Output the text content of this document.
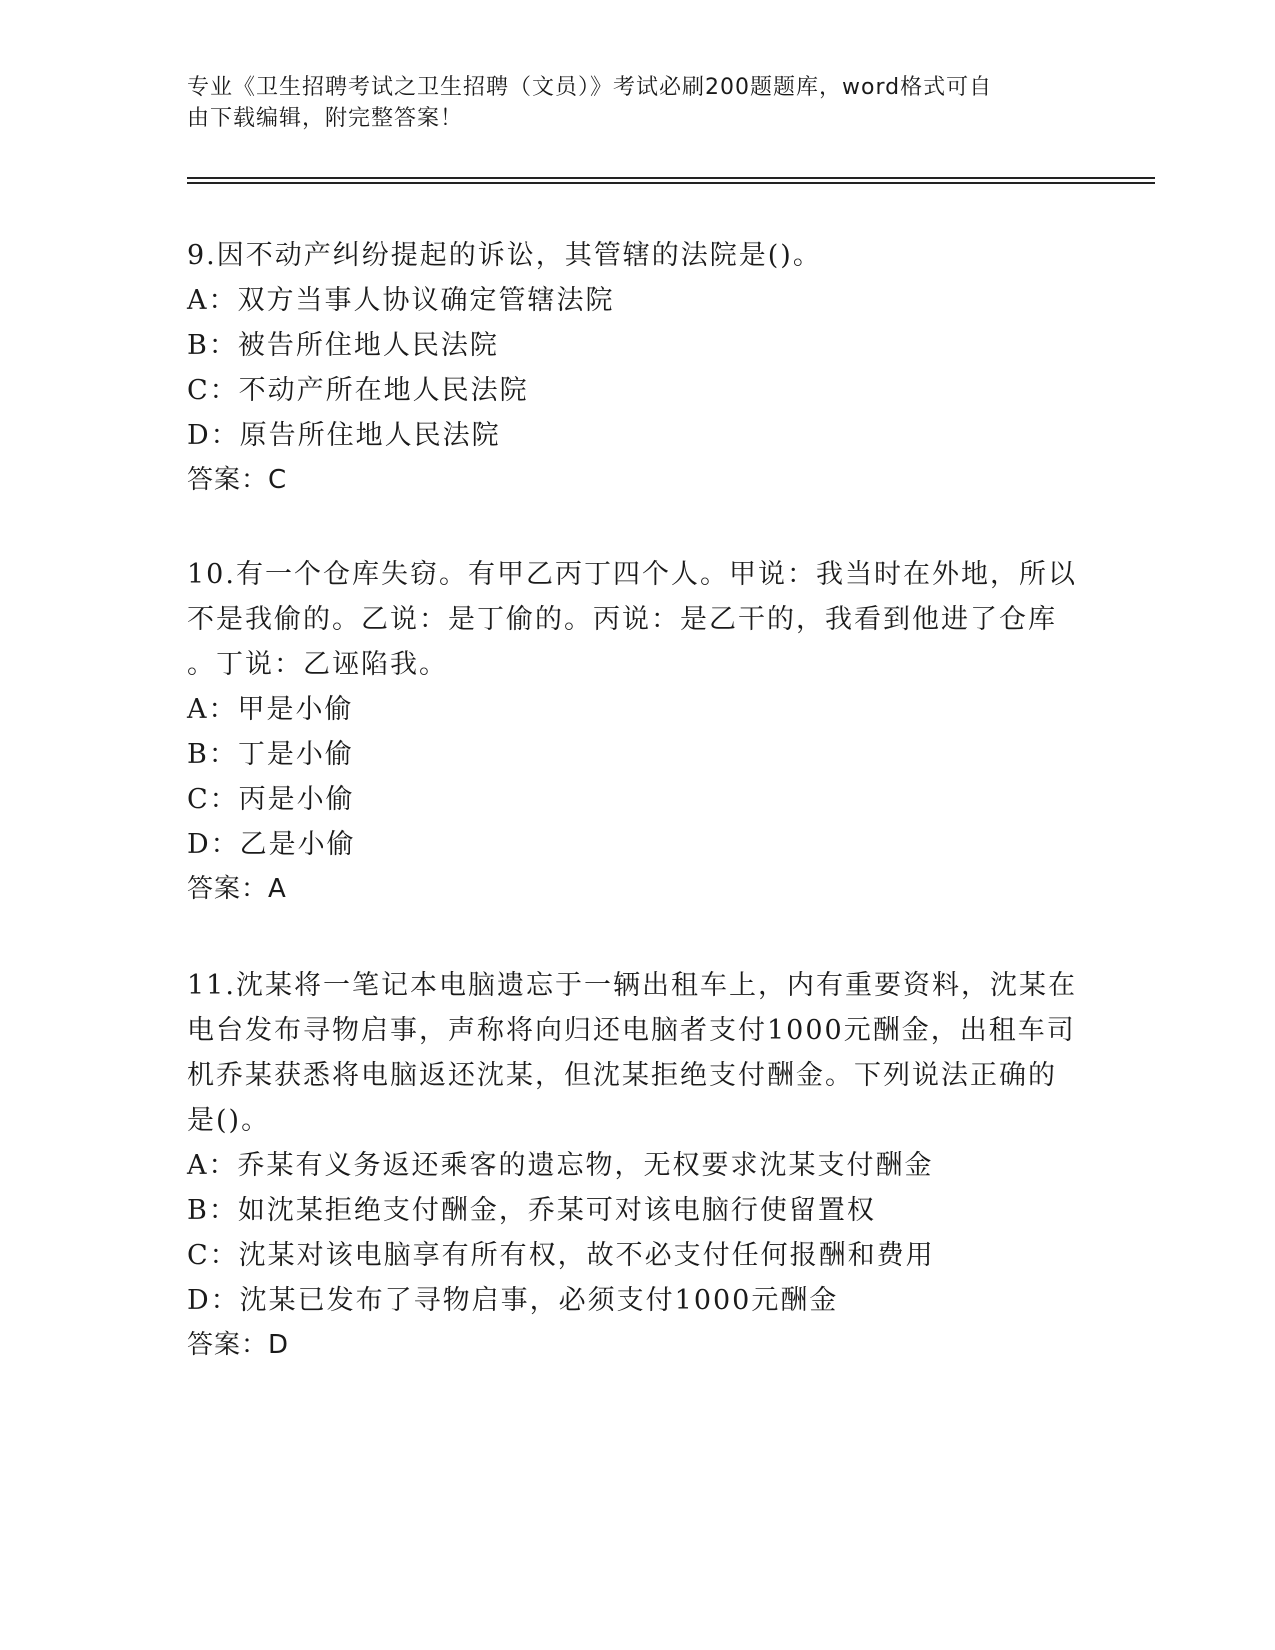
专业《卫生招聘考试之卫生招聘（文员）》考试必刷200题题库，word格式可自
由下载编辑，附完整答案！

9.因不动产纠纷提起的诉讼，其管辖的法院是()。

A：双方当事人协议确定管辖法院

B：被告所住地人民法院

C：不动产所在地人民法院

D：原告所住地人民法院

答案：C

10.有一个仓库失窃。有甲乙丙丁四个人。甲说：我当时在外地，所以

不是我偷的。乙说：是丁偷的。丙说：是乙干的，我看到他进了仓库

。丁说：乙诬陷我。

A：甲是小偷

B：丁是小偷

C：丙是小偷

D：乙是小偷

答案：A

11.沈某将一笔记本电脑遗忘于一辆出租车上，内有重要资料，沈某在

电台发布寻物启事，声称将向归还电脑者支付1000元酬金，出租车司

机乔某获悉将电脑返还沈某，但沈某拒绝支付酬金。下列说法正确的

是()。

A：乔某有义务返还乘客的遗忘物，无权要求沈某支付酬金

B：如沈某拒绝支付酬金，乔某可对该电脑行使留置权

C：沈某对该电脑享有所有权，故不必支付任何报酬和费用

D：沈某已发布了寻物启事，必须支付1000元酬金

答案：D
